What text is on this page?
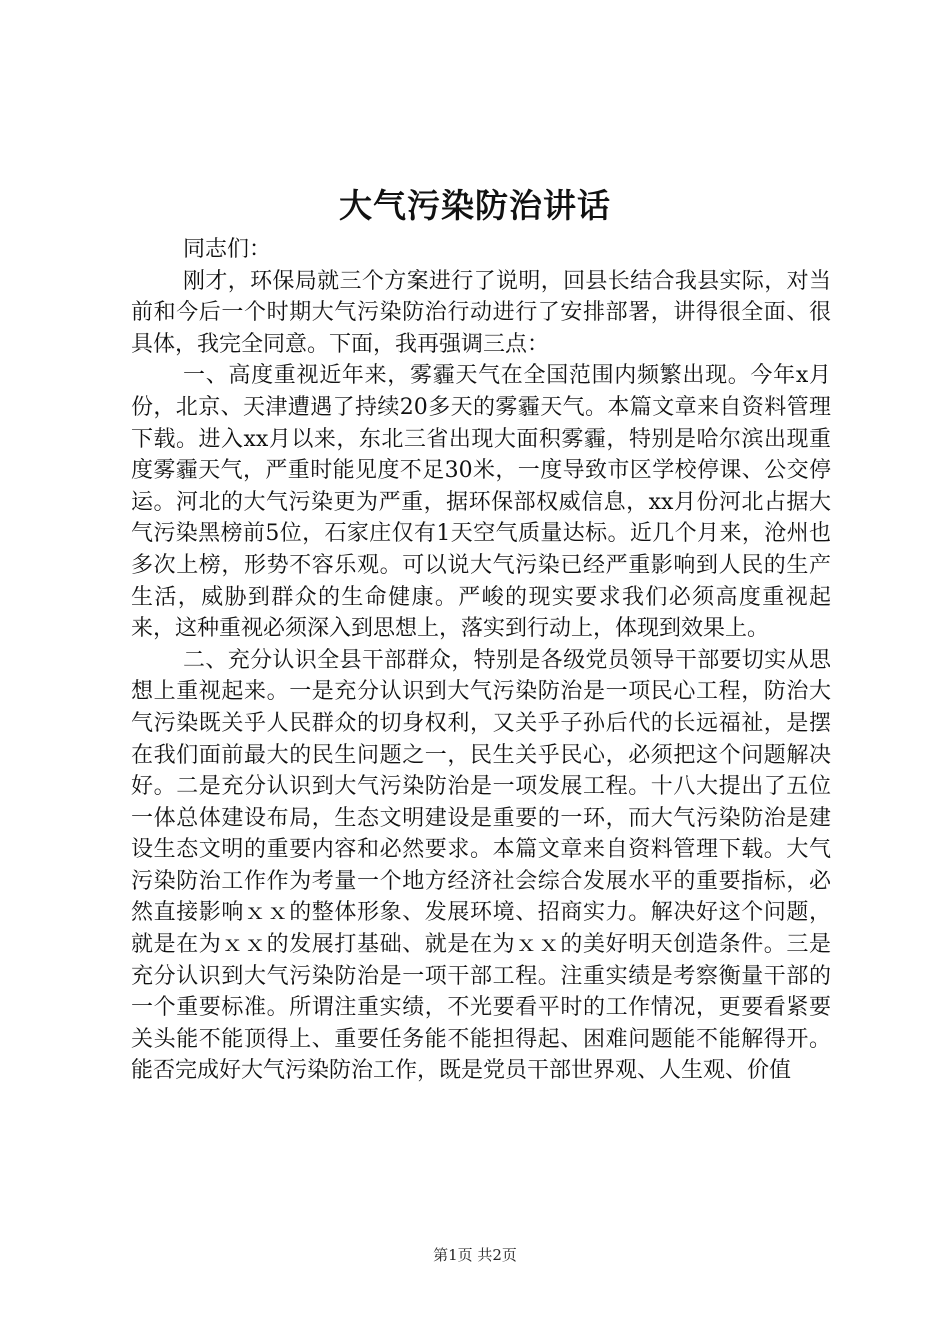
大气污染防治讲话

同志们：

刚才，环保局就三个方案进行了说明，回县长结合我县实际，对当前和今后一个时期大气污染防治行动进行了安排部署，讲得很全面、很具体，我完全同意。下面，我再强调三点：

一、高度重视近年来，雾霾天气在全国范围内频繁出现。今年x月份，北京、天津遭遇了持续20多天的雾霾天气。本篇文章来自资料管理下载。进入xx月以来，东北三省出现大面积雾霾，特别是哈尔滨出现重度雾霾天气，严重时能见度不足30米，一度导致市区学校停课、公交停运。河北的大气污染更为严重，据环保部权威信息，xx月份河北占据大气污染黑榜前5位，石家庄仅有1天空气质量达标。近几个月来，沧州也多次上榜，形势不容乐观。可以说大气污染已经严重影响到人民的生产生活，威胁到群众的生命健康。严峻的现实要求我们必须高度重视起来，这种重视必须深入到思想上，落实到行动上，体现到效果上。

二、充分认识全县干部群众，特别是各级党员领导干部要切实从思想上重视起来。一是充分认识到大气污染防治是一项民心工程，防治大气污染既关乎人民群众的切身权利，又关乎子孙后代的长远福祉，是摆在我们面前最大的民生问题之一，民生关乎民心，必须把这个问题解决好。二是充分认识到大气污染防治是一项发展工程。十八大提出了五位一体总体建设布局，生态文明建设是重要的一环，而大气污染防治是建设生态文明的重要内容和必然要求。本篇文章来自资料管理下载。大气污染防治工作作为考量一个地方经济社会综合发展水平的重要指标，必然直接影响ｘｘ的整体形象、发展环境、招商实力。解决好这个问题，就是在为ｘｘ的发展打基础、就是在为ｘｘ的美好明天创造条件。三是充分认识到大气污染防治是一项干部工程。注重实绩是考察衡量干部的一个重要标准。所谓注重实绩，不光要看平时的工作情况，更要看紧要关头能不能顶得上、重要任务能不能担得起、困难问题能不能解得开。能否完成好大气污染防治工作，既是党员干部世界观、人生观、价值

第1页 共2页
